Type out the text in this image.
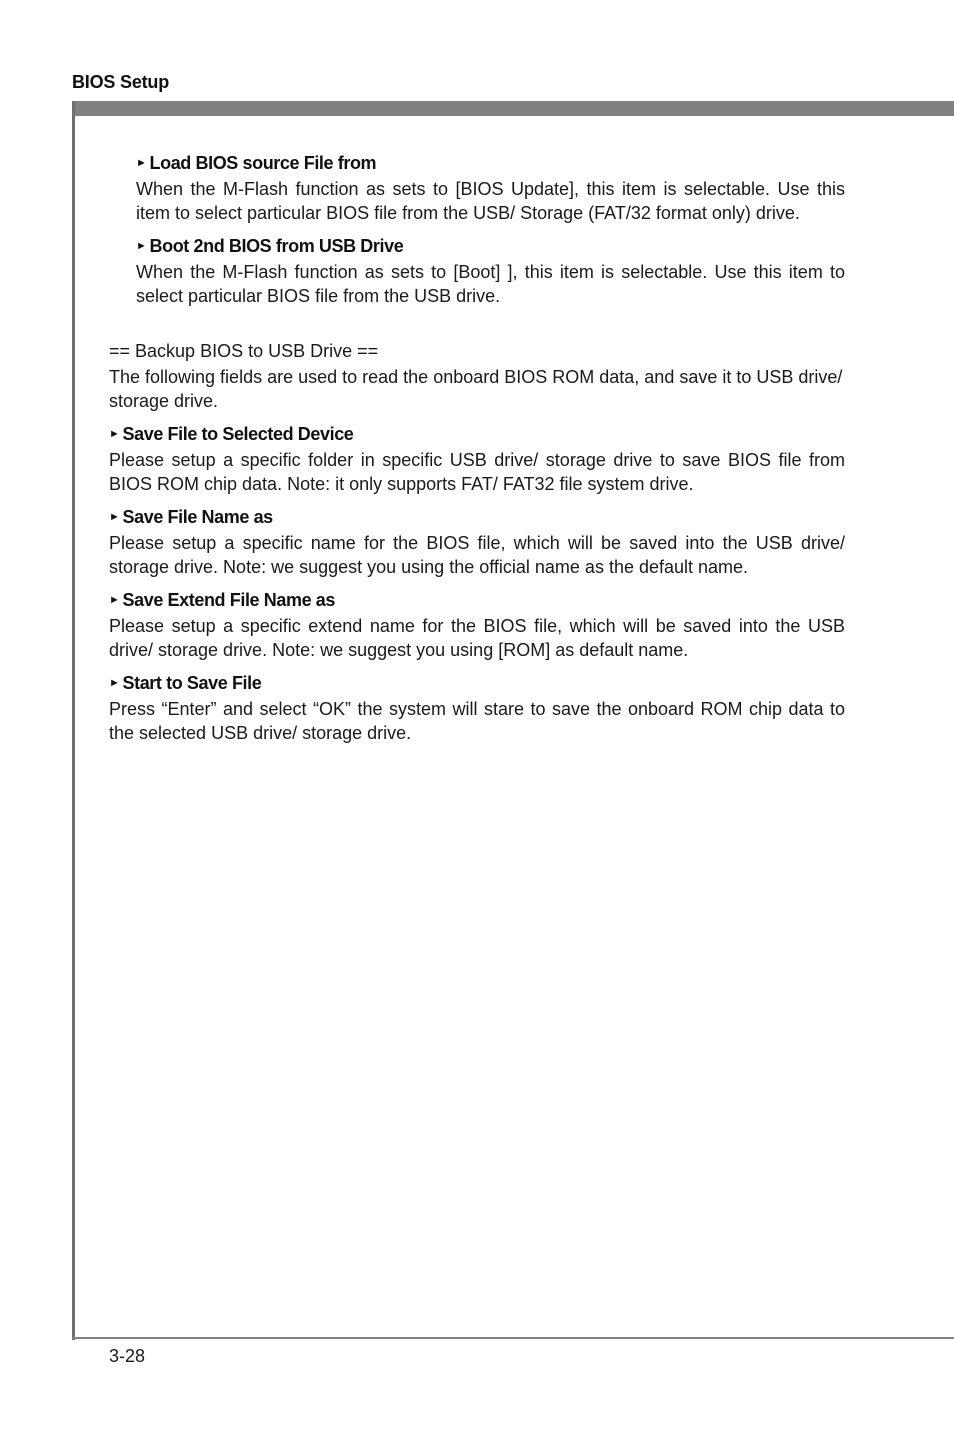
BIOS Setup

► Load BIOS source File from

When the M-Flash function as sets to [BIOS Update], this item is selectable. Use this item to select particular BIOS file from the USB/ Storage (FAT/32 format only) drive.

► Boot 2nd BIOS from USB Drive

When the M-Flash function as sets to [Boot] ], this item is selectable. Use this item to select particular BIOS file from the USB drive.

== Backup BIOS to USB Drive ==

The following fields are used to read the onboard BIOS ROM data, and save it to USB drive/ storage drive.

► Save File to Selected Device

Please setup a specific folder in specific USB drive/ storage drive to save BIOS file from BIOS ROM chip data. Note: it only supports FAT/ FAT32 file system drive.

► Save File Name as

Please setup a specific name for the BIOS file, which will be saved into the USB drive/ storage drive. Note: we suggest you using the official name as the default name.

► Save Extend File Name as

Please setup a specific extend name for the BIOS file, which will be saved into the USB drive/ storage drive. Note: we suggest you using [ROM] as default name.

► Start to Save File

Press “Enter” and select “OK” the system will stare to save the onboard ROM chip data to the selected USB drive/ storage drive.

3-28
